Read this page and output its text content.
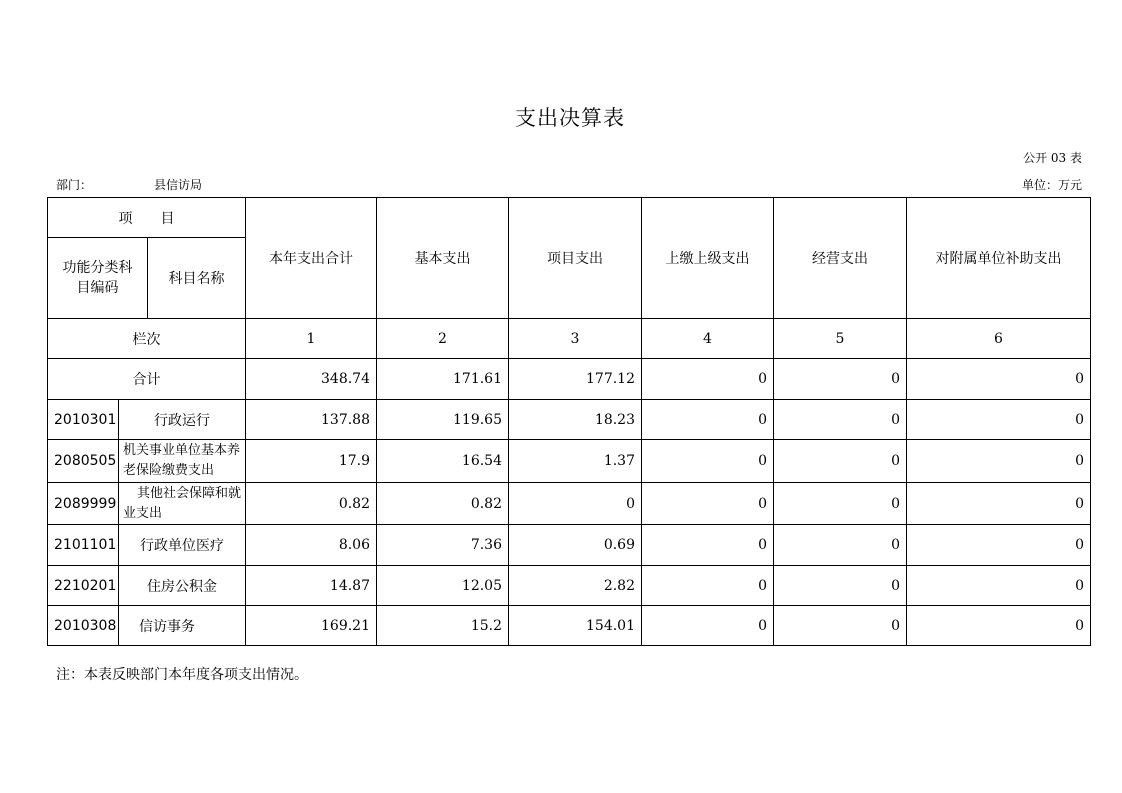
支出决算表
公开 03 表
部门：	县信访局	单位：万元
项　　目			本年支出合计	基本支出	项目支出	上缴上级支出	经营支出	对附属单位补助支出
功能分类科目编码		科目名称						
栏次			1	2	3	4	5	6
合计			348.74	171.61	177.12	0	0	0
2010301	行政运行		137.88	119.65	18.23	0	0	0
2080505	机关事业单位基本养老保险缴费支出		17.9	16.54	1.37	0	0	0
2089999	其他社会保障和就业支出		0.82	0.82	0	0	0	0
2101101	行政单位医疗		8.06	7.36	0.69	0	0	0
2210201	住房公积金		14.87	12.05	2.82	0	0	0
2010308	信访事务		169.21	15.2	154.01	0	0	0
注：本表反映部门本年度各项支出情况。
